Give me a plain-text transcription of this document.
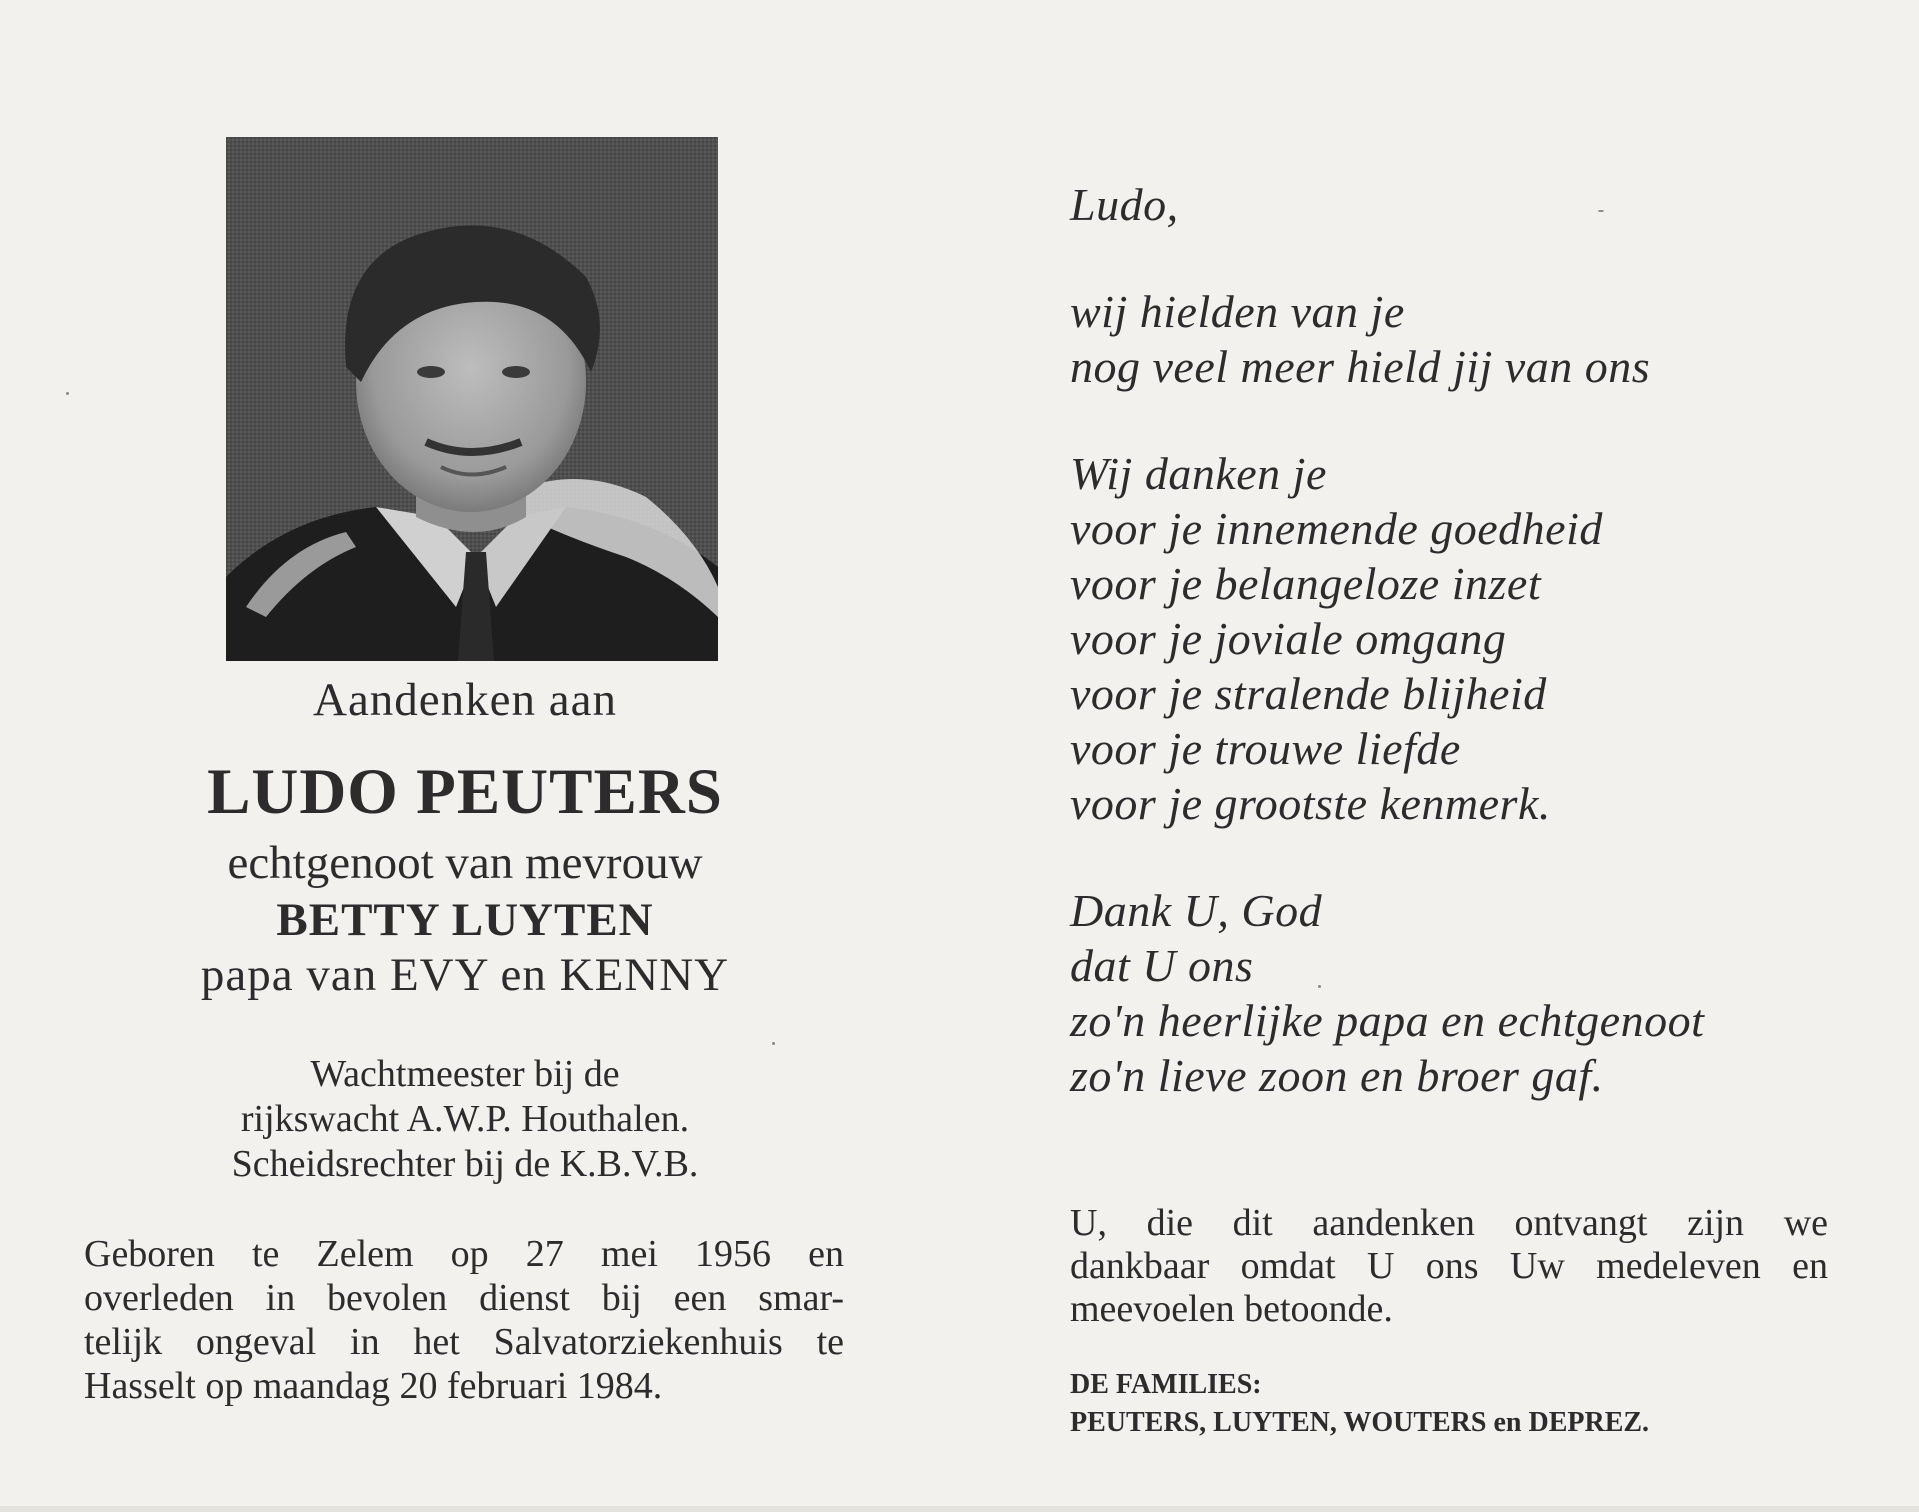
Aandenken aan
LUDO PEUTERS
echtgenoot van mevrouw
BETTY LUYTEN
papa van EVY en KENNY
Wachtmeester bij de
rijkswacht A.W.P. Houthalen.
Scheidsrechter bij de K.B.V.B.
Geboren te Zelem op 27 mei 1956 en
overleden in bevolen dienst bij een smar-
telijk ongeval in het Salvatorziekenhuis te
Hasselt op maandag 20 februari 1984.
Ludo,
wij hielden van je
nog veel meer hield jij van ons
Wij danken je
voor je innemende goedheid
voor je belangeloze inzet
voor je joviale omgang
voor je stralende blijheid
voor je trouwe liefde
voor je grootste kenmerk.
Dank U, God
dat U ons
zo'n heerlijke papa en echtgenoot
zo'n lieve zoon en broer gaf.
U, die dit aandenken ontvangt zijn we
dankbaar omdat U ons Uw medeleven en
meevoelen betoonde.
DE FAMILIES:
PEUTERS, LUYTEN, WOUTERS en DEPREZ.
